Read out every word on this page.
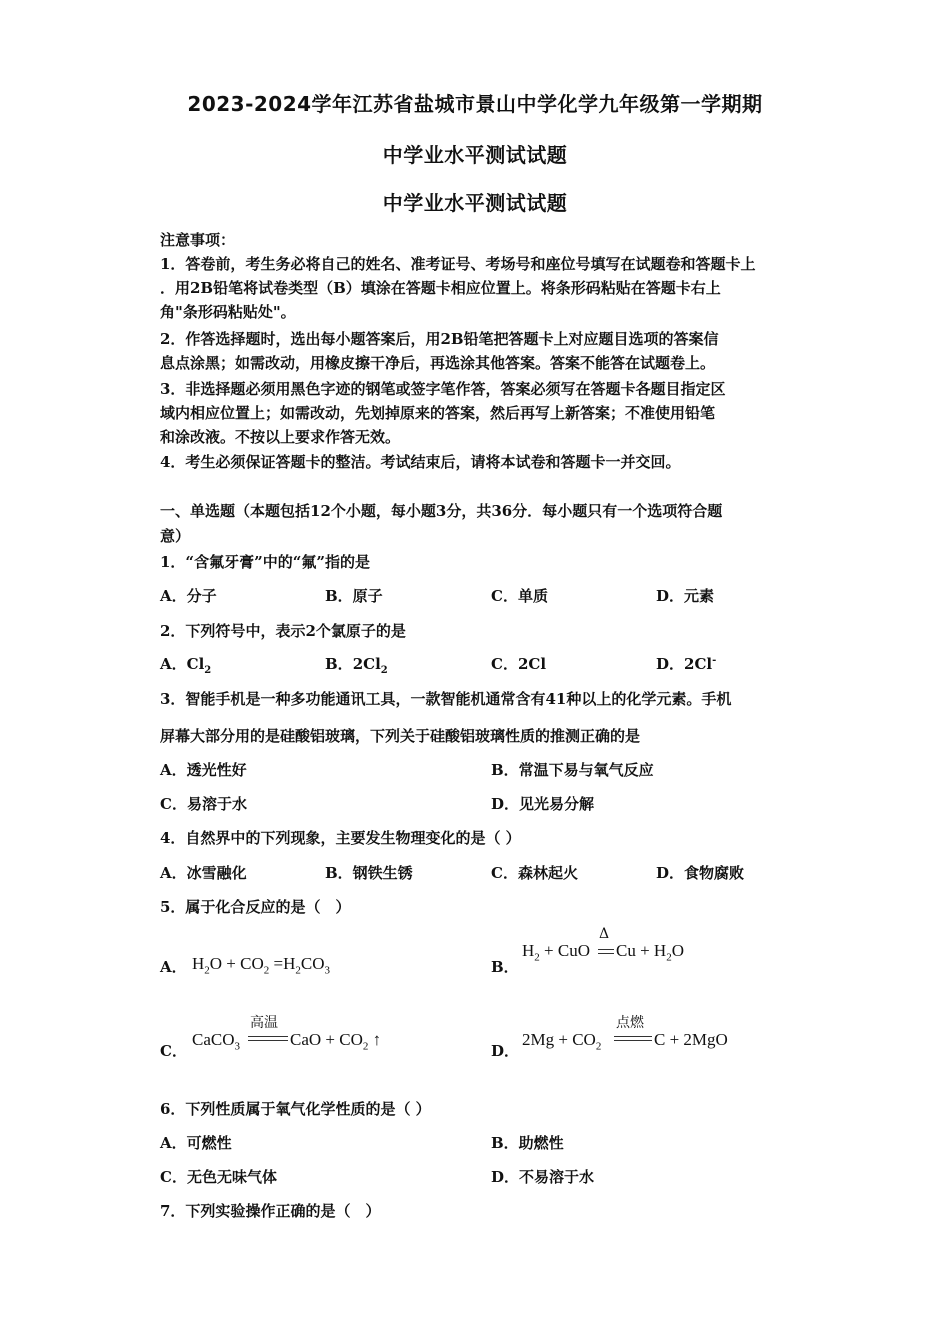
2023-2024学年江苏省盐城市景山中学化学九年级第一学期期
中学业水平测试试题
中学业水平测试试题
注意事项：
1．答卷前，考生务必将自己的姓名、准考证号、考场号和座位号填写在试题卷和答题卡上
．用2B铅笔将试卷类型（B）填涂在答题卡相应位置上。将条形码粘贴在答题卡右上
角"条形码粘贴处"。
2．作答选择题时，选出每小题答案后，用2B铅笔把答题卡上对应题目选项的答案信
息点涂黑；如需改动，用橡皮擦干净后，再选涂其他答案。答案不能答在试题卷上。
3．非选择题必须用黑色字迹的钢笔或签字笔作答，答案必须写在答题卡各题目指定区
域内相应位置上；如需改动，先划掉原来的答案，然后再写上新答案；不准使用铅笔
和涂改液。不按以上要求作答无效。
4．考生必须保证答题卡的整洁。考试结束后，请将本试卷和答题卡一并交回。
一、单选题（本题包括12个小题，每小题3分，共36分．每小题只有一个选项符合题
意）
1．“含氟牙膏”中的“氟”指的是
A．分子	B．原子	C．单质	D．元素
2．下列符号中，表示2个氯原子的是
A．$Cl_2$	B．$2Cl_2$	C．2Cl	D．2Cl-
3．智能手机是一种多功能通讯工具，一款智能机通常含有41种以上的化学元素。手机
屏幕大部分用的是硅酸铝玻璃，下列关于硅酸铝玻璃性质的推测正确的是
A．透光性好	B．常温下易与氧气反应
C．易溶于水	D．见光易分解
4．自然界中的下列现象，主要发生物理变化的是（ ）
A．冰雪融化	B．钢铁生锈	C．森林起火	D．食物腐败
5．属于化合反应的是（　）
A． $H_2O + CO_2 =H_2CO_3$	B．
$H_2$ + CuO
Δ
$Cu + H_2O$
C．
CaCO$_3$
高温
CaO + $CO_2$ ↑
D．
$2Mg + CO_2$
点燃
C + 2MgO
6．下列性质属于氧气化学性质的是（ ）
A．可燃性	B．助燃性
C．无色无味气体	D．不易溶于水
7．下列实验操作正确的是（　）
